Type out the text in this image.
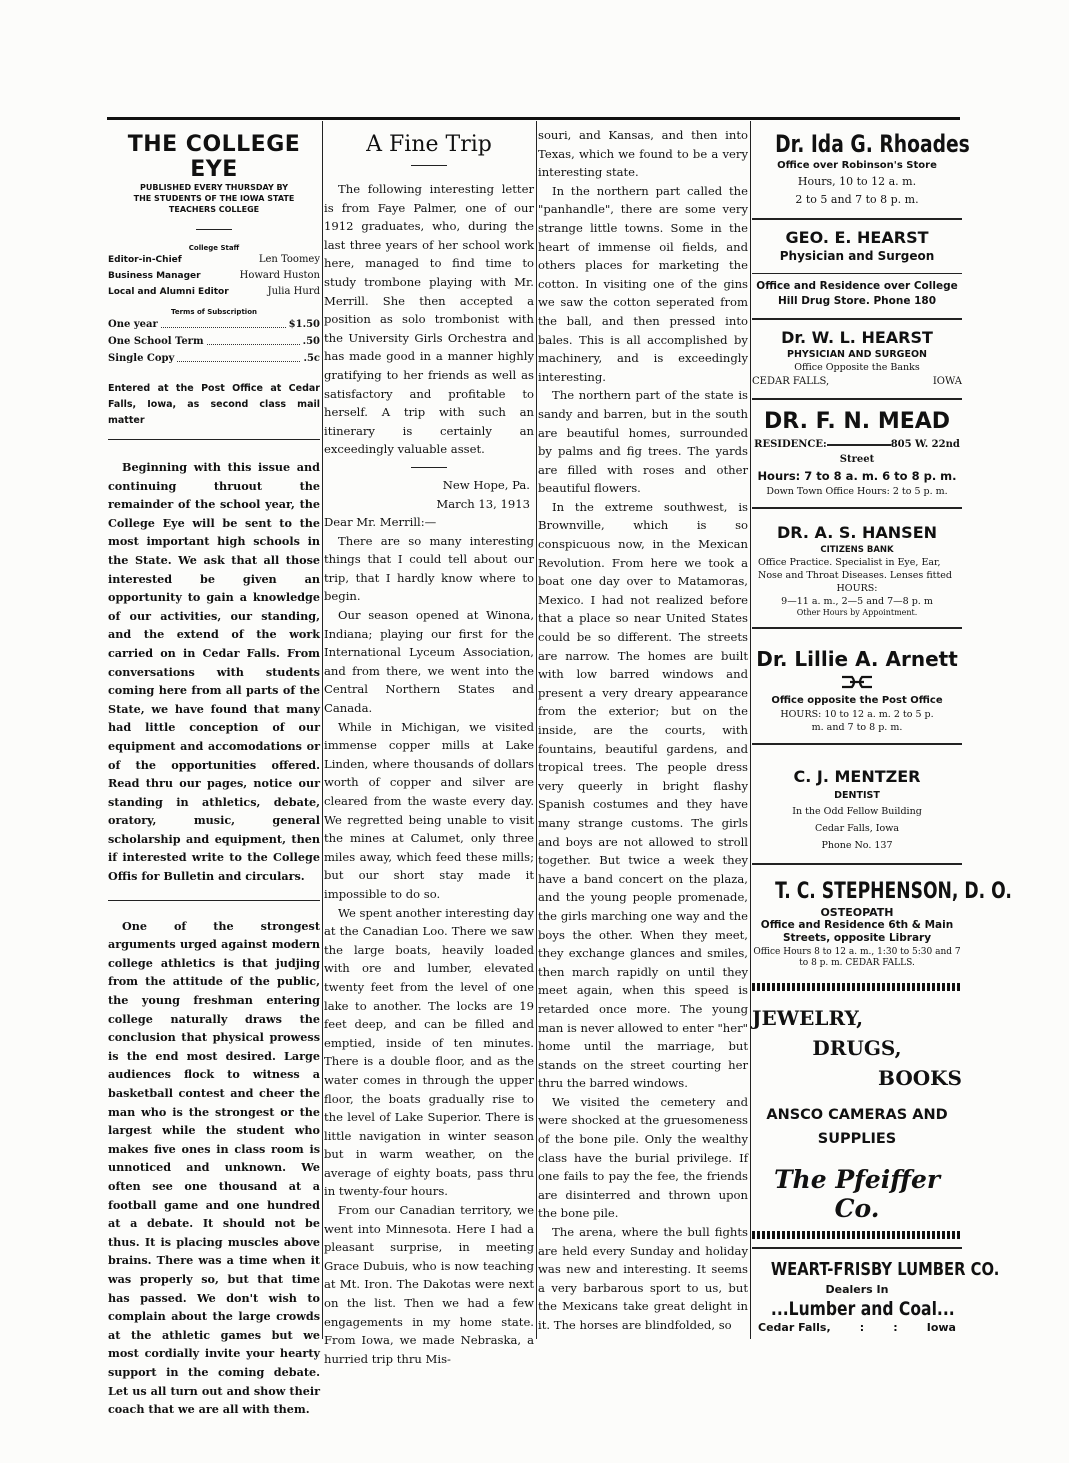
THE COLLEGE EYE
PUBLISHED EVERY THURSDAY BY
THE STUDENTS OF THE IOWA STATE
TEACHERS COLLEGE
College Staff
Editor-in-Chief	Len Toomey
Business Manager	Howard Huston
Local and Alumni Editor	Julia Hurd
Terms of Subscription
One year	$1.50
One School Term	.50
Single Copy	.5c
Entered at the Post Office at Cedar Falls, Iowa, as second class mail matter

Beginning with this issue and continuing thruout the remainder of the school year, the College Eye will be sent to the most important high schools in the State. We ask that all those interested be given an opportunity to gain a knowledge of our activities, our standing, and the extend of the work carried on in Cedar Falls. From conversations with students coming here from all parts of the State, we have found that many had little conception of our equipment and accomodations or of the opportunities offered. Read thru our pages, notice our standing in athletics, debate, oratory, music, general scholarship and equipment, then if interested write to the College Offis for Bulletin and circulars.

One of the strongest arguments urged against modern college athletics is that judjing from the attitude of the public, the young freshman entering college naturally draws the conclusion that physical prowess is the end most desired. Large audiences flock to witness a basketball contest and cheer the man who is the strongest or the largest while the student who makes five ones in class room is unnoticed and unknown. We often see one thousand at a football game and one hundred at a debate. It should not be thus. It is placing muscles above brains. There was a time when it was properly so, but that time has passed. We don't wish to complain about the large crowds at the athletic games but we most cordially invite your hearty support in the coming debate. Let us all turn out and show their coach that we are all with them.

A Fine Trip

The following interesting letter is from Faye Palmer, one of our 1912 graduates, who, during the last three years of her school work here, managed to find time to study trombone playing with Mr. Merrill. She then accepted a position as solo trombonist with the University Girls Orchestra and has made good in a manner highly gratifying to her friends as well as satisfactory and profitable to herself. A trip with such an itinerary is certainly an exceedingly valuable asset.

New Hope, Pa.
March 13, 1913

Dear Mr. Merrill:—

There are so many interesting things that I could tell about our trip, that I hardly know where to begin.

Our season opened at Winona, Indiana; playing our first for the International Lyceum Association, and from there, we went into the Central Northern States and Canada.

While in Michigan, we visited immense copper mills at Lake Linden, where thousands of dollars worth of copper and silver are cleared from the waste every day. We regretted being unable to visit the mines at Calumet, only three miles away, which feed these mills; but our short stay made it impossible to do so.

We spent another interesting day at the Canadian Loo. There we saw the large boats, heavily loaded with ore and lumber, elevated twenty feet from the level of one lake to another. The locks are 19 feet deep, and can be filled and emptied, inside of ten minutes. There is a double floor, and as the water comes in through the upper floor, the boats gradually rise to the level of Lake Superior. There is little navigation in winter season but in warm weather, on the average of eighty boats, pass thru in twenty-four hours.

From our Canadian territory, we went into Minnesota. Here I had a pleasant surprise, in meeting Grace Dubuis, who is now teaching at Mt. Iron. The Dakotas were next on the list. Then we had a few engagements in my home state. From Iowa, we made Nebraska, a hurried trip thru Mis-

souri, and Kansas, and then into Texas, which we found to be a very interesting state.

In the northern part called the "panhandle", there are some very strange little towns. Some in the heart of immense oil fields, and others places for marketing the cotton. In visiting one of the gins we saw the cotton seperated from the ball, and then pressed into bales. This is all accomplished by machinery, and is exceedingly interesting.

The northern part of the state is sandy and barren, but in the south are beautiful homes, surrounded by palms and fig trees. The yards are filled with roses and other beautiful flowers.

In the extreme southwest, is Brownville, which is so conspicuous now, in the Mexican Revolution. From here we took a boat one day over to Matamoras, Mexico. I had not realized before that a place so near United States could be so different. The streets are narrow. The homes are built with low barred windows and present a very dreary appearance from the exterior; but on the inside, are the courts, with fountains, beautiful gardens, and tropical trees. The people dress very queerly in bright flashy Spanish costumes and they have many strange customs. The girls and boys are not allowed to stroll together. But twice a week they have a band concert on the plaza, and the young people promenade, the girls marching one way and the boys the other. When they meet, they exchange glances and smiles, then march rapidly on until they meet again, when this speed is retarded once more. The young man is never allowed to enter "her" home until the marriage, but stands on the street courting her thru the barred windows.

We visited the cemetery and were shocked at the gruesomeness of the bone pile. Only the wealthy class have the burial privilege. If one fails to pay the fee, the friends are disinterred and thrown upon the bone pile.

The arena, where the bull fights are held every Sunday and holiday was new and interesting. It seems a very barbarous sport to us, but the Mexicans take great delight in it. The horses are blindfolded, so

Dr. Ida G. Rhoades
Office over Robinson's Store
Hours, 10 to 12 a. m.
2 to 5 and 7 to 8 p. m.
GEO. E. HEARST
Physician and Surgeon
Office and Residence over College Hill Drug Store. Phone 180
Dr. W. L. HEARST
PHYSICIAN AND SURGEON
Office Opposite the Banks
CEDAR FALLS,	IOWA
DR. F. N. MEAD
RESIDENCE:	805 W. 22nd Street
Hours: 7 to 8 a. m. 6 to 8 p. m.
Down Town Office Hours: 2 to 5 p. m.
DR. A. S. HANSEN
CITIZENS BANK
Office Practice. Specialist in Eye, Ear, Nose and Throat Diseases. Lenses fitted
HOURS:
9—11 a. m., 2—5 and 7—8 p. m
Other Hours by Appointment.
Dr. Lillie A. Arnett
Office opposite the Post Office
HOURS: 10 to 12 a. m. 2 to 5 p. m. and 7 to 8 p. m.
C. J. MENTZER
DENTIST
In the Odd Fellow Building
Cedar Falls, Iowa
Phone No. 137
T. C. STEPHENSON, D. O.
OSTEOPATH
Office and Residence 6th & Main Streets, opposite Library
Office Hours 8 to 12 a. m., 1:30 to 5:30 and 7 to 8 p. m. CEDAR FALLS.
JEWELRY,
DRUGS,
BOOKS
ANSCO CAMERAS AND SUPPLIES
The Pfeiffer Co.
WEART-FRISBY LUMBER CO.
Dealers In
...Lumber and Coal...
Cedar Falls,	:	:	Iowa
